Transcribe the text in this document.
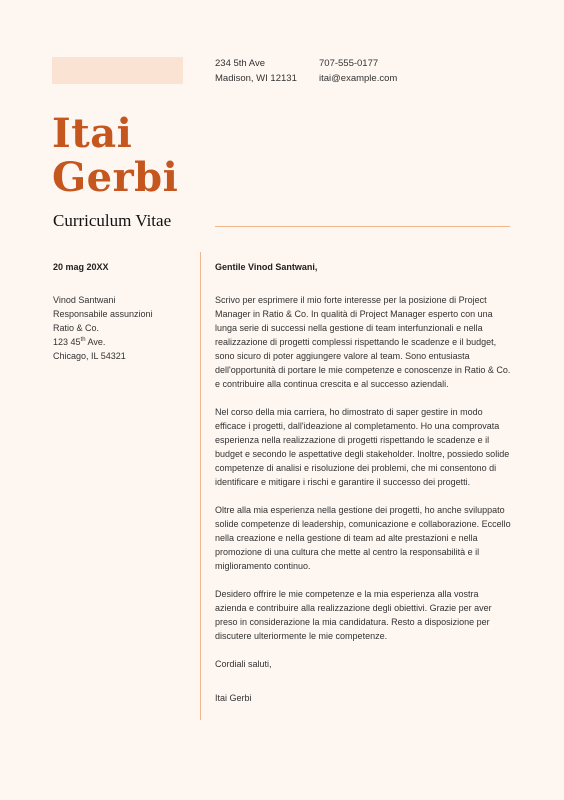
234 5th Ave
Madison, WI 12131
707-555-0177
itai@example.com
Itai
Gerbi
Curriculum Vitae
20 mag 20XX
Vinod Santwani
Responsabile assunzioni
Ratio & Co.
123 45th Ave.
Chicago, IL 54321
Gentile Vinod Santwani,

Scrivo per esprimere il mio forte interesse per la posizione di Project Manager in Ratio & Co. In qualità di Project Manager esperto con una lunga serie di successi nella gestione di team interfunzionali e nella realizzazione di progetti complessi rispettando le scadenze e il budget, sono sicuro di poter aggiungere valore al team. Sono entusiasta dell'opportunità di portare le mie competenze e conoscenze in Ratio & Co. e contribuire alla continua crescita e al successo aziendali.

Nel corso della mia carriera, ho dimostrato di saper gestire in modo efficace i progetti, dall'ideazione al completamento. Ho una comprovata esperienza nella realizzazione di progetti rispettando le scadenze e il budget e secondo le aspettative degli stakeholder. Inoltre, possiedo solide competenze di analisi e risoluzione dei problemi, che mi consentono di identificare e mitigare i rischi e garantire il successo dei progetti.

Oltre alla mia esperienza nella gestione dei progetti, ho anche sviluppato solide competenze di leadership, comunicazione e collaborazione. Eccello nella creazione e nella gestione di team ad alte prestazioni e nella promozione di una cultura che mette al centro la responsabilità e il miglioramento continuo.

Desidero offrire le mie competenze e la mia esperienza alla vostra azienda e contribuire alla realizzazione degli obiettivi. Grazie per aver preso in considerazione la mia candidatura. Resto a disposizione per discutere ulteriormente le mie competenze.

Cordiali saluti,

Itai Gerbi
